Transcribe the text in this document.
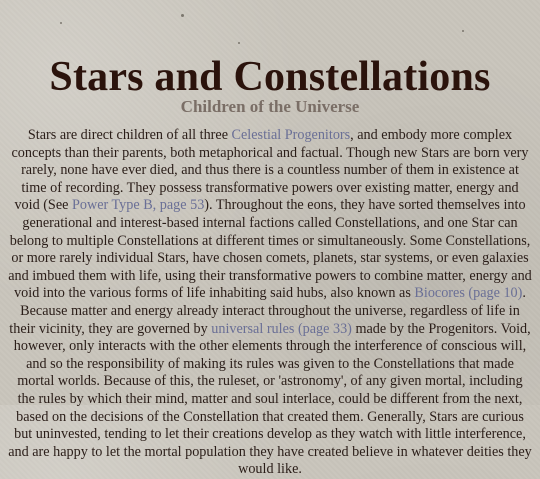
Stars and Constellations
Children of the Universe

Stars are direct children of all three Celestial Progenitors, and embody more complex concepts than their parents, both metaphorical and factual. Though new Stars are born very rarely, none have ever died, and thus there is a countless number of them in existence at time of recording. They possess transformative powers over existing matter, energy and void (See Power Type B, page 53). Throughout the eons, they have sorted themselves into generational and interest-based internal factions called Constellations, and one Star can belong to multiple Constellations at different times or simultaneously. Some Constellations, or more rarely individual Stars, have chosen comets, planets, star systems, or even galaxies and imbued them with life, using their transformative powers to combine matter, energy and void into the various forms of life inhabiting said hubs, also known as Biocores (page 10). Because matter and energy already interact throughout the universe, regardless of life in their vicinity, they are governed by universal rules (page 33) made by the Progenitors. Void, however, only interacts with the other elements through the interference of conscious will, and so the responsibility of making its rules was given to the Constellations that made mortal worlds. Because of this, the ruleset, or 'astronomy', of any given mortal, including the rules by which their mind, matter and soul interlace, could be different from the next, based on the decisions of the Constellation that created them. Generally, Stars are curious but uninvested, tending to let their creations develop as they watch with little interference, and are happy to let the mortal population they have created believe in whatever deities they would like.
